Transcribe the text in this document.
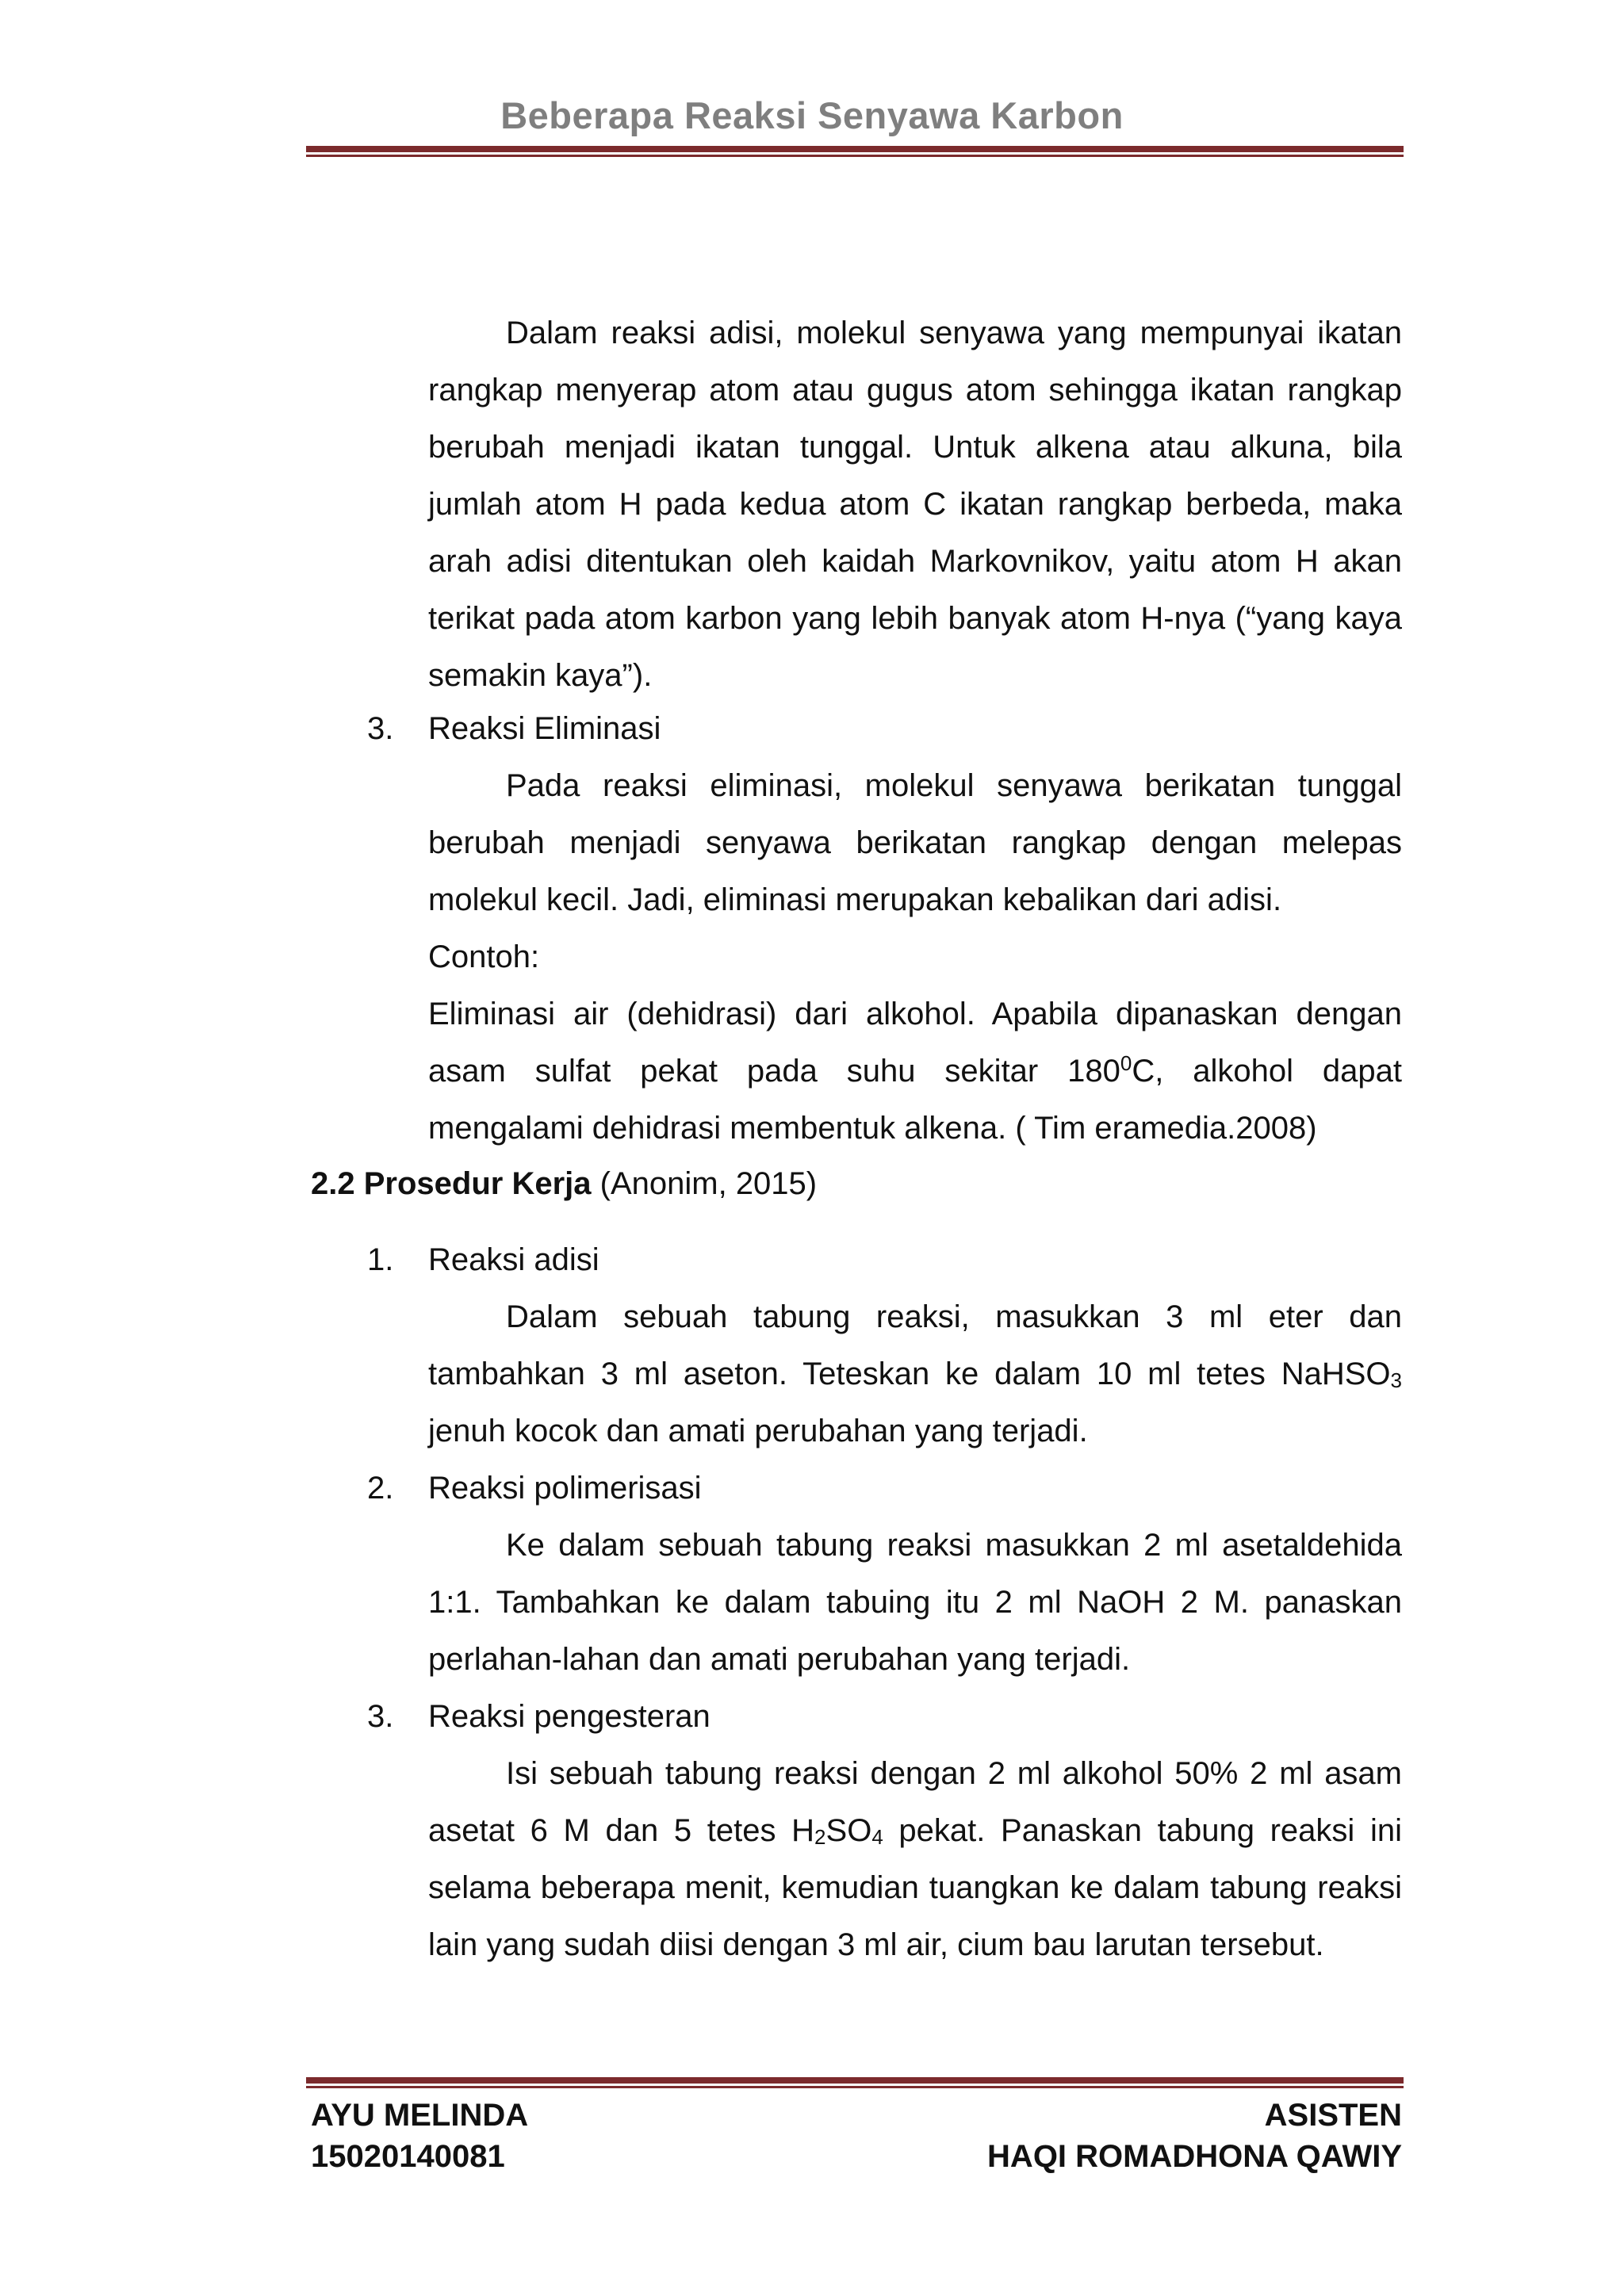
Beberapa Reaksi Senyawa Karbon

Dalam reaksi adisi, molekul senyawa yang mempunyai ikatan rangkap menyerap atom atau gugus atom sehingga ikatan rangkap berubah menjadi ikatan tunggal. Untuk alkena atau alkuna, bila jumlah atom H pada kedua atom C ikatan rangkap berbeda, maka arah adisi ditentukan oleh kaidah Markovnikov, yaitu atom H akan terikat pada atom karbon yang lebih banyak atom H-nya (“yang kaya semakin kaya”).

3. Reaksi Eliminasi

Pada reaksi eliminasi, molekul senyawa berikatan tunggal berubah menjadi senyawa berikatan rangkap dengan melepas molekul kecil. Jadi, eliminasi merupakan kebalikan dari adisi.

Contoh:

Eliminasi air (dehidrasi) dari alkohol. Apabila dipanaskan dengan asam sulfat pekat pada suhu sekitar $180^0C$, alkohol dapat mengalami dehidrasi membentuk alkena. ( Tim eramedia.2008)

2.2 Prosedur Kerja (Anonim, 2015)

1. Reaksi adisi

Dalam sebuah tabung reaksi, masukkan 3 ml eter dan tambahkan 3 ml aseton. Teteskan ke dalam 10 ml tetes NaHSO$_3$ jenuh kocok dan amati perubahan yang terjadi.

2. Reaksi polimerisasi

Ke dalam sebuah tabung reaksi masukkan 2 ml asetaldehida 1:1. Tambahkan ke dalam tabuing itu 2 ml NaOH 2 M. panaskan perlahan-lahan dan amati perubahan yang terjadi.

3. Reaksi pengesteran

Isi sebuah tabung reaksi dengan 2 ml alkohol 50% 2 ml asam asetat 6 M dan 5 tetes $H_2SO_4$ pekat. Panaskan tabung reaksi ini selama beberapa menit, kemudian tuangkan ke dalam tabung reaksi lain yang sudah diisi dengan 3 ml air, cium bau larutan tersebut.

AYU MELINDA
15020140081
ASISTEN
HAQI ROMADHONA QAWIY
